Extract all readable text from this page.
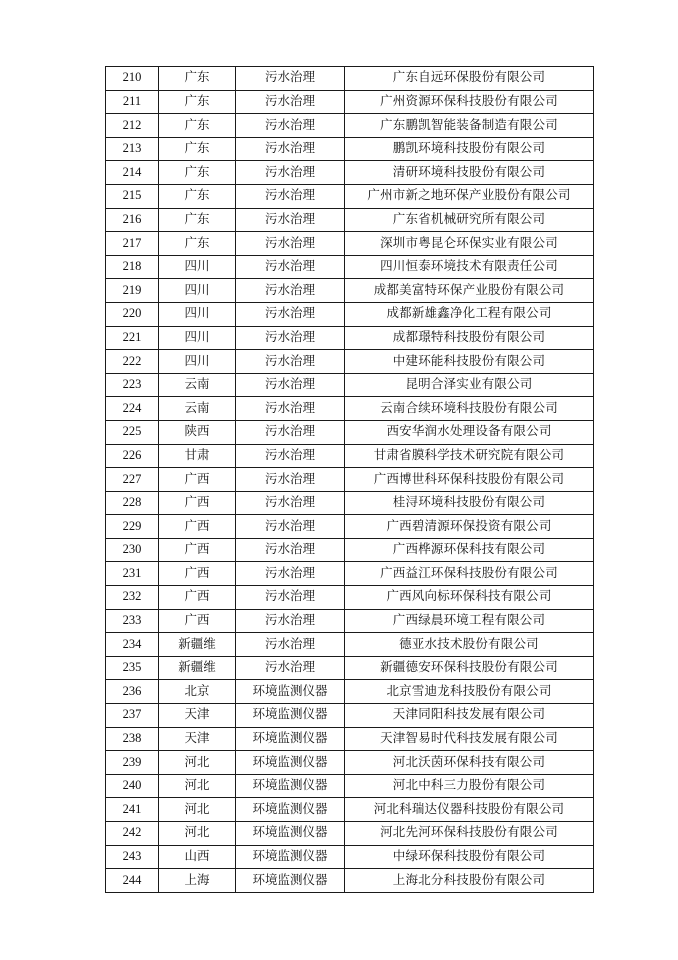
210	广东	污水治理	广东自远环保股份有限公司
211	广东	污水治理	广州资源环保科技股份有限公司
212	广东	污水治理	广东鹏凯智能装备制造有限公司
213	广东	污水治理	鹏凯环境科技股份有限公司
214	广东	污水治理	清研环境科技股份有限公司
215	广东	污水治理	广州市新之地环保产业股份有限公司
216	广东	污水治理	广东省机械研究所有限公司
217	广东	污水治理	深圳市粤昆仑环保实业有限公司
218	四川	污水治理	四川恒泰环境技术有限责任公司
219	四川	污水治理	成都美富特环保产业股份有限公司
220	四川	污水治理	成都新雄鑫净化工程有限公司
221	四川	污水治理	成都璟特科技股份有限公司
222	四川	污水治理	中建环能科技股份有限公司
223	云南	污水治理	昆明合泽实业有限公司
224	云南	污水治理	云南合续环境科技股份有限公司
225	陕西	污水治理	西安华润水处理设备有限公司
226	甘肃	污水治理	甘肃省膜科学技术研究院有限公司
227	广西	污水治理	广西博世科环保科技股份有限公司
228	广西	污水治理	桂浔环境科技股份有限公司
229	广西	污水治理	广西碧清源环保投资有限公司
230	广西	污水治理	广西桦源环保科技有限公司
231	广西	污水治理	广西益江环保科技股份有限公司
232	广西	污水治理	广西风向标环保科技有限公司
233	广西	污水治理	广西绿晨环境工程有限公司
234	新疆维	污水治理	德亚水技术股份有限公司
235	新疆维	污水治理	新疆德安环保科技股份有限公司
236	北京	环境监测仪器	北京雪迪龙科技股份有限公司
237	天津	环境监测仪器	天津同阳科技发展有限公司
238	天津	环境监测仪器	天津智易时代科技发展有限公司
239	河北	环境监测仪器	河北沃茵环保科技有限公司
240	河北	环境监测仪器	河北中科三力股份有限公司
241	河北	环境监测仪器	河北科瑞达仪器科技股份有限公司
242	河北	环境监测仪器	河北先河环保科技股份有限公司
243	山西	环境监测仪器	中绿环保科技股份有限公司
244	上海	环境监测仪器	上海北分科技股份有限公司
